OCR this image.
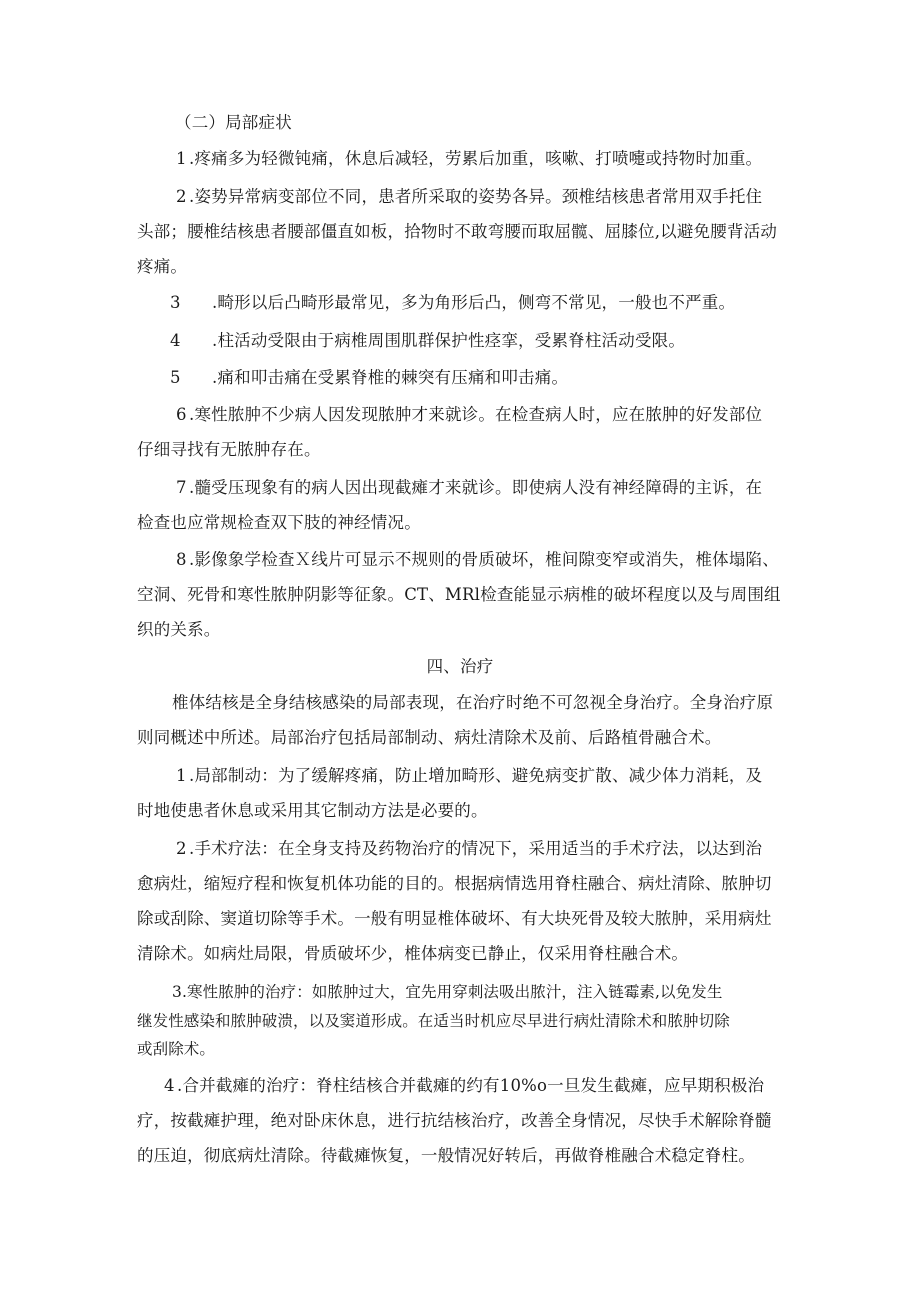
（二）局部症状
1 .疼痛多为轻微钝痛，休息后减轻，劳累后加重，咳嗽、打喷嚏或持物时加重。
2 .姿势异常病变部位不同，患者所采取的姿势各异。颈椎结核患者常用双手托住
头部；腰椎结核患者腰部僵直如板，拾物时不敢弯腰而取屈髋、屈膝位,以避免腰背活动
疼痛。
3 .畸形以后凸畸形最常见，多为角形后凸，侧弯不常见，一般也不严重。
4 .柱活动受限由于病椎周围肌群保护性痉挛，受累脊柱活动受限。
5 .痛和叩击痛在受累脊椎的棘突有压痛和叩击痛。
6 .寒性脓肿不少病人因发现脓肿才来就诊。在检查病人时，应在脓肿的好发部位
仔细寻找有无脓肿存在。
7 .髓受压现象有的病人因出现截瘫才来就诊。即使病人没有神经障碍的主诉，在
检查也应常规检查双下肢的神经情况。
8 .影像象学检查Ｘ线片可显示不规则的骨质破坏，椎间隙变窄或消失，椎体塌陷、
空洞、死骨和寒性脓肿阴影等征象。CT、MRl检查能显示病椎的破坏程度以及与周围组
织的关系。
四、治疗
椎体结核是全身结核感染的局部表现，在治疗时绝不可忽视全身治疗。全身治疗原
则同概述中所述。局部治疗包括局部制动、病灶清除术及前、后路植骨融合术。
1 .局部制动：为了缓解疼痛，防止增加畸形、避免病变扩散、减少体力消耗，及
时地使患者休息或采用其它制动方法是必要的。
2 .手术疗法：在全身支持及药物治疗的情况下，采用适当的手术疗法，以达到治
愈病灶，缩短疗程和恢复机体功能的目的。根据病情选用脊柱融合、病灶清除、脓肿切
除或刮除、窦道切除等手术。一般有明显椎体破坏、有大块死骨及较大脓肿，采用病灶
清除术。如病灶局限，骨质破坏少，椎体病变已静止，仅采用脊柱融合术。
3 .寒性脓肿的治疗：如脓肿过大，宜先用穿刺法吸出脓汁，注入链霉素,以免发生
继发性感染和脓肿破溃，以及窦道形成。在适当时机应尽早进行病灶清除术和脓肿切除
或刮除术。
4 .合并截瘫的治疗：脊柱结核合并截瘫的约有10%o一旦发生截瘫，应早期积极治
疗，按截瘫护理，绝对卧床休息，进行抗结核治疗，改善全身情况，尽快手术解除脊髓
的压迫，彻底病灶清除。待截瘫恢复，一般情况好转后，再做脊椎融合术稳定脊柱。
